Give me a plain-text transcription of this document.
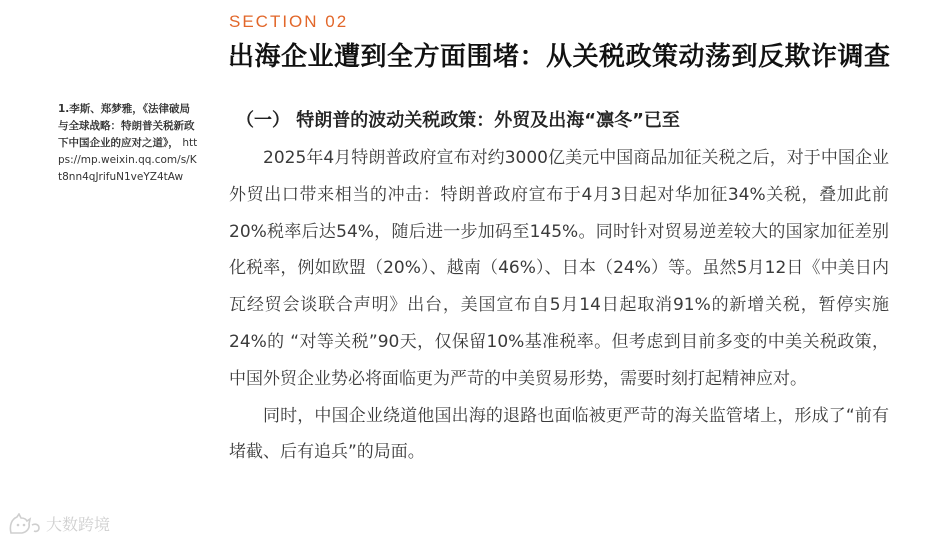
SECTION 02
出海企业遭到全方面围堵：从关税政策动荡到反欺诈调查
1.李斯、郑梦雅，《法律破局与全球战略：特朗普关税新政下中国企业的应对之道》， https://mp.weixin.qq.com/s/Kt8nn4qJrifuN1veYZ4tAw
（一） 特朗普的波动关税政策：外贸及出海“凛冬”已至

2025年4月特朗普政府宣布对约3000亿美元中国商品加征关税之后，对于中国企业外贸出口带来相当的冲击：特朗普政府宣布于4月3日起对华加征34%关税，叠加此前20%税率后达54%，随后进一步加码至145%。同时针对贸易逆差较大的国家加征差别化税率，例如欧盟（20%）、越南（46%）、日本（24%）等。虽然5月12日《中美日内瓦经贸会谈联合声明》出台，美国宣布自5月14日起取消91%的新增关税，暂停实施24%的 “对等关税”90天，仅保留10%基准税率。但考虑到目前多变的中美关税政策，中国外贸企业势必将面临更为严苛的中美贸易形势，需要时刻打起精神应对。

同时，中国企业绕道他国出海的退路也面临被更严苛的海关监管堵上，形成了“前有堵截、后有追兵”的局面。

大数跨境
